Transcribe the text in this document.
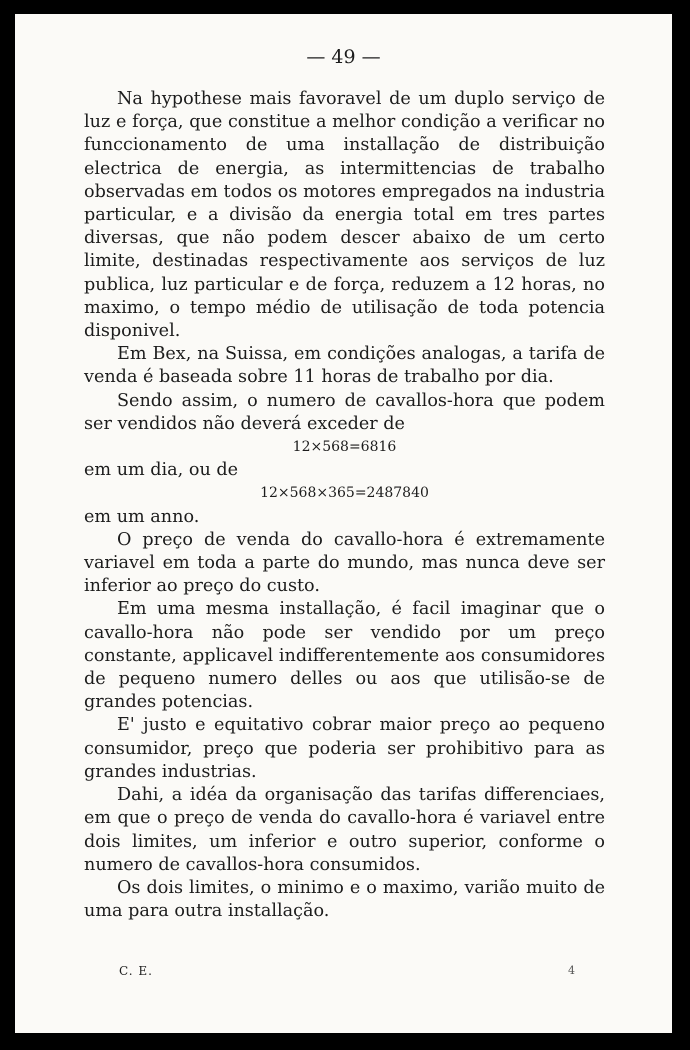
— 49 —

Na hypothese mais favoravel de um duplo serviço de luz e força, que constitue a melhor condição a verificar no funccionamento de uma installação de distribuição electrica de energia, as intermittencias de trabalho observadas em todos os motores empregados na industria particular, e a divisão da energia total em tres partes diversas, que não podem descer abaixo de um certo limite, destinadas respectivamente aos serviços de luz publica, luz particular e de força, reduzem a 12 horas, no maximo, o tempo médio de utilisação de toda potencia disponivel.

Em Bex, na Suissa, em condições analogas, a tarifa de venda é baseada sobre 11 horas de trabalho por dia.

Sendo assim, o numero de cavallos-hora que podem ser vendidos não deverá exceder de

12×568=6816

em um dia, ou de

12×568×365=2487840

em um anno.

O preço de venda do cavallo-hora é extremamente variavel em toda a parte do mundo, mas nunca deve ser inferior ao preço do custo.

Em uma mesma installação, é facil imaginar que o cavallo-hora não pode ser vendido por um preço constante, applicavel indifferentemente aos consumidores de pequeno numero delles ou aos que utilisão-se de grandes potencias.

E' justo e equitativo cobrar maior preço ao pequeno consumidor, preço que poderia ser prohibitivo para as grandes industrias.

Dahi, a idéa da organisação das tarifas differenciaes, em que o preço de venda do cavallo-hora é variavel entre dois limites, um inferior e outro superior, conforme o numero de cavallos-hora consumidos.

Os dois limites, o minimo e o maximo, varião muito de uma para outra installação.

C. E.	4
